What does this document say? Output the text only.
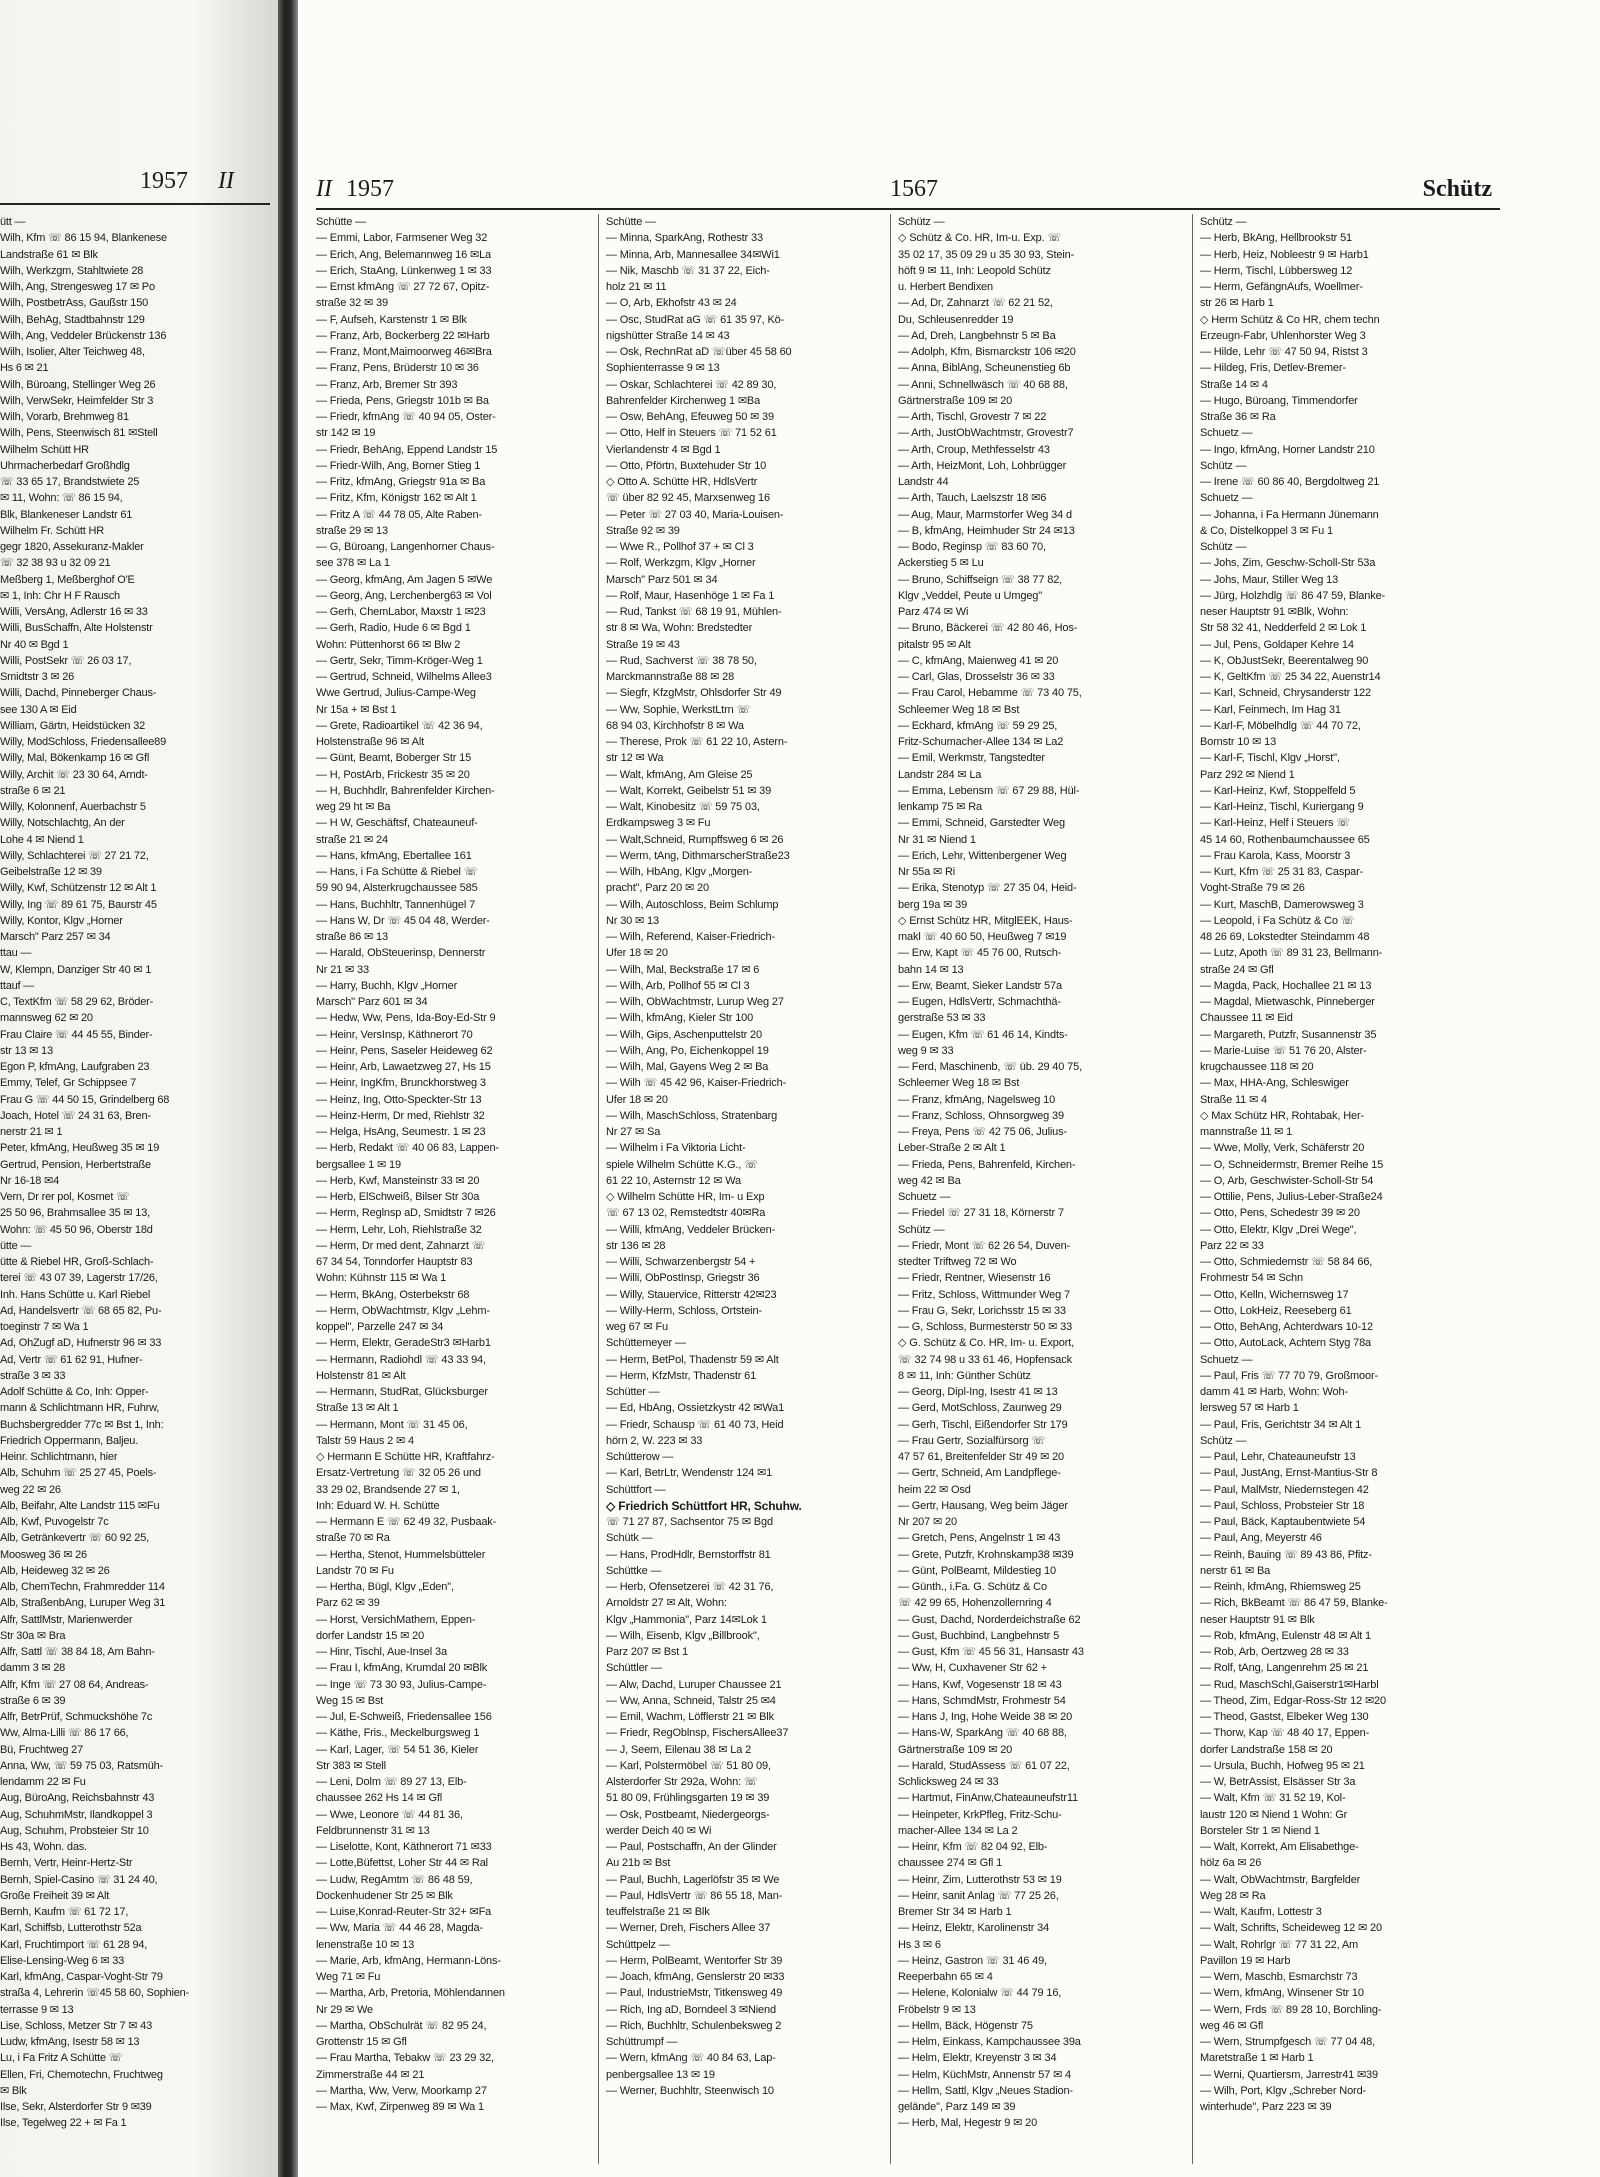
1957 II
ütt —
Wilh, Kfm ☏ 86 15 94, Blankenese
Landstraße 61 ✉ Blk
Wilh, Werkzgm, Stahltwiete 28
Wilh, Ang, Strengesweg 17 ✉ Po
Wilh, PostbetrAss, Gaußstr 150
Wilh, BehAg, Stadtbahnstr 129
Wilh, Ang, Veddeler Brückenstr 136
Wilh, Isolier, Alter Teichweg 48,
Hs 6 ✉ 21
Wilh, Büroang, Stellinger Weg 26
Wilh, VerwSekr, Heimfelder Str 3
Wilh, Vorarb, Brehmweg 81
Wilh, Pens, Steenwisch 81 ✉Stell
Wilhelm Schütt HR
Uhrmacherbedarf Großhdlg
☏ 33 65 17, Brandstwiete 25
✉ 11, Wohn: ☏ 86 15 94,
Blk, Blankeneser Landstr 61
Wilhelm Fr. Schütt HR
gegr 1820, Assekuranz-Makler
☏ 32 38 93 u 32 09 21
Meßberg 1, Meßberghof O'E
✉ 1, Inh: Chr H F Rausch
Willi, VersAng, Adlerstr 16 ✉ 33
Willi, BusSchaffn, Alte Holstenstr
Nr 40 ✉ Bgd 1
Willi, PostSekr ☏ 26 03 17,
Smidtstr 3 ✉ 26
Willi, Dachd, Pinneberger Chaus-
see 130 A ✉ Eid
William, Gärtn, Heidstücken 32
Willy, ModSchloss, Friedensallee89
Willy, Mal, Bökenkamp 16 ✉ Gfl
Willy, Archit ☏ 23 30 64, Arndt-
straße 6 ✉ 21
Willy, Kolonnenf, Auerbachstr 5
Willy, Notschlachtg, An der
Lohe 4 ✉ Niend 1
Willy, Schlachterei ☏ 27 21 72,
Geibelstraße 12 ✉ 39
Willy, Kwf, Schützenstr 12 ✉ Alt 1
Willy, Ing ☏ 89 61 75, Baurstr 45
Willy, Kontor, Klgv „Horner
Marsch" Parz 257 ✉ 34
ttau —
W, Klempn, Danziger Str 40 ✉ 1
ttauf —
C, TextKfm ☏ 58 29 62, Bröder-
mannsweg 62 ✉ 20
Frau Claire ☏ 44 45 55, Binder-
str 13 ✉ 13
Egon P, kfmAng, Laufgraben 23
Emmy, Telef, Gr Schippsee 7
Frau G ☏ 44 50 15, Grindelberg 68
Joach, Hotel ☏ 24 31 63, Bren-
nerstr 21 ✉ 1
Peter, kfmAng, Heußweg 35 ✉ 19
Gertrud, Pension, Herbertstraße
Nr 16-18 ✉4
Vern, Dr rer pol, Kosmet ☏
25 50 96, Brahmsallee 35 ✉ 13,
Wohn: ☏ 45 50 96, Oberstr 18d
ütte —
ütte & Riebel HR, Groß-Schlach-
terei ☏ 43 07 39, Lagerstr 17/26,
Inh. Hans Schütte u. Karl Riebel
Ad, Handelsvertr ☏ 68 65 82, Pu-
toeginstr 7 ✉ Wa 1
Ad, OhZugf aD, Hufnerstr 96 ✉ 33
Ad, Vertr ☏ 61 62 91, Hufner-
straße 3 ✉ 33
Adolf Schütte & Co, Inh: Opper-
mann & Schlichtmann HR, Fuhrw,
Buchsbergredder 77c ✉ Bst 1, Inh:
Friedrich Oppermann, Baljeu.
Heinr. Schlichtmann, hier
Alb, Schuhm ☏ 25 27 45, Poels-
weg 22 ✉ 26
Alb, Beifahr, Alte Landstr 115 ✉Fu
Alb, Kwf, Puvogelstr 7c
Alb, Getränkevertr ☏ 60 92 25,
Moosweg 36 ✉ 26
Alb, Heideweg 32 ✉ 26
Alb, ChemTechn, Frahmredder 114
Alb, StraßenbAng, Luruper Weg 31
Alfr, SattlMstr, Marienwerder
Str 30a ✉ Bra
Alfr, Sattl ☏ 38 84 18, Am Bahn-
damm 3 ✉ 28
Alfr, Kfm ☏ 27 08 64, Andreas-
straße 6 ✉ 39
Alfr, BetrPrüf, Schmuckshöhe 7c
Ww, Alma-Lilli ☏ 86 17 66,
Bü, Fruchtweg 27
Anna, Ww, ☏ 59 75 03, Ratsmüh-
lendamm 22 ✉ Fu
Aug, BüroAng, Reichsbahnstr 43
Aug, SchuhmMstr, Ilandkoppel 3
Aug, Schuhm, Probsteier Str 10
Hs 43, Wohn. das.
Bernh, Vertr, Heinr-Hertz-Str
Bernh, Spiel-Casino ☏ 31 24 40,
Große Freiheit 39 ✉ Alt
Bernh, Kaufm ☏ 61 72 17,
Karl, Schiffsb, Lutterothstr 52a
Karl, Fruchtimport ☏ 61 28 94,
Elise-Lensing-Weg 6 ✉ 33
Karl, kfmAng, Caspar-Voght-Str 79
straßa 4, Lehrerin ☏45 58 60, Sophien-
terrasse 9 ✉ 13
Lise, Schloss, Metzer Str 7 ✉ 43
Ludw, kfmAng, Isestr 58 ✉ 13
Lu, i Fa Fritz A Schütte ☏
Ellen, Fri, Chemotechn, Fruchtweg
✉ Blk
Ilse, Sekr, Alsterdorfer Str 9 ✉39
Ilse, Tegelweg 22 + ✉ Fa 1
II 1957	1567	Schütz
Schütte —
— Emmi, Labor, Farmsener Weg 32
— Erich, Ang, Belemannweg 16 ✉La
— Erich, StaAng, Lünkenweg 1 ✉ 33
— Ernst kfmAng ☏ 27 72 67, Opitz-
straße 32 ✉ 39
— F, Aufseh, Karstenstr 1 ✉ Blk
— Franz, Arb, Bockerberg 22 ✉Harb
— Franz, Mont,Maimoorweg 46✉Bra
— Franz, Pens, Brüderstr 10 ✉ 36
— Franz, Arb, Bremer Str 393
— Frieda, Pens, Griegstr 101b ✉ Ba
— Friedr, kfmAng ☏ 40 94 05, Oster-
str 142 ✉ 19
— Friedr, BehAng, Eppend Landstr 15
— Friedr-Wilh, Ang, Borner Stieg 1
— Fritz, kfmAng, Griegstr 91a ✉ Ba
— Fritz, Kfm, Königstr 162 ✉ Alt 1
— Fritz A ☏ 44 78 05, Alte Raben-
straße 29 ✉ 13
— G, Büroang, Langenhorner Chaus-
see 378 ✉ La 1
— Georg, kfmAng, Am Jagen 5 ✉We
— Georg, Ang, Lerchenberg63 ✉ Vol
— Gerh, ChemLabor, Maxstr 1 ✉23
— Gerh, Radio, Hude 6 ✉ Bgd 1
Wohn: Püttenhorst 66 ✉ Blw 2
— Gertr, Sekr, Timm-Kröger-Weg 1
— Gertrud, Schneid, Wilhelms Allee3
Wwe Gertrud, Julius-Campe-Weg
Nr 15a + ✉ Bst 1
— Grete, Radioartikel ☏ 42 36 94,
Holstenstraße 96 ✉ Alt
— Günt, Beamt, Boberger Str 15
— H, PostArb, Frickestr 35 ✉ 20
— H, Buchhdlr, Bahrenfelder Kirchen-
weg 29 ht ✉ Ba
— H W, Geschäftsf, Chateauneuf-
straße 21 ✉ 24
— Hans, kfmAng, Ebertallee 161
— Hans, i Fa Schütte & Riebel ☏
59 90 94, Alsterkrugchaussee 585
— Hans, Buchhltr, Tannenhügel 7
— Hans W, Dr ☏ 45 04 48, Werder-
straße 86 ✉ 13
— Harald, ObSteuerinsp, Dennerstr
Nr 21 ✉ 33
— Harry, Buchh, Klgv „Horner
Marsch" Parz 601 ✉ 34
— Hedw, Ww, Pens, Ida-Boy-Ed-Str 9
— Heinr, VersInsp, Käthnerort 70
— Heinr, Pens, Saseler Heideweg 62
— Heinr, Arb, Lawaetzweg 27, Hs 15
— Heinr, IngKfm, Brunckhorstweg 3
— Heinz, Ing, Otto-Speckter-Str 13
— Heinz-Herm, Dr med, Riehlstr 32
— Helga, HsAng, Seumestr. 1 ✉ 23
— Herb, Redakt ☏ 40 06 83, Lappen-
bergsallee 1 ✉ 19
— Herb, Kwf, Mansteinstr 33 ✉ 20
— Herb, ElSchweiß, Bilser Str 30a
— Herm, Reglnsp aD, Smidtstr 7 ✉26
— Herm, Lehr, Loh, Riehlstraße 32
— Herm, Dr med dent, Zahnarzt ☏
67 34 54, Tonndorfer Hauptstr 83
Wohn: Kühnstr 115 ✉ Wa 1
— Herm, BkAng, Osterbekstr 68
— Herm, ObWachtmstr, Klgv „Lehm-
koppel", Parzelle 247 ✉ 34
— Herm, Elektr, GeradeStr3 ✉Harb1
— Hermann, Radiohdl ☏ 43 33 94,
Holstenstr 81 ✉ Alt
— Hermann, StudRat, Glücksburger
Straße 13 ✉ Alt 1
— Hermann, Mont ☏ 31 45 06,
Talstr 59 Haus 2 ✉ 4
◇ Hermann E Schütte HR, Kraftfahrz-
Ersatz-Vertretung ☏ 32 05 26 und
33 29 02, Brandsende 27 ✉ 1,
Inh: Eduard W. H. Schütte
— Hermann E ☏ 62 49 32, Pusbaak-
straße 70 ✉ Ra
— Hertha, Stenot, Hummelsbütteler
Landstr 70 ✉ Fu
— Hertha, Bügl, Klgv „Eden",
Parz 62 ✉ 39
— Horst, VersichMathem, Eppen-
dorfer Landstr 15 ✉ 20
— Hinr, Tischl, Aue-Insel 3a
— Frau I, kfmAng, Krumdal 20 ✉Blk
— Inge ☏ 73 30 93, Julius-Campe-
Weg 15 ✉ Bst
— Jul, E-Schweiß, Friedensallee 156
— Käthe, Fris., Meckelburgsweg 1
— Karl, Lager, ☏ 54 51 36, Kieler
Str 383 ✉ Stell
— Leni, Dolm ☏ 89 27 13, Elb-
chaussee 262 Hs 14 ✉ Gfl
— Wwe, Leonore ☏ 44 81 36,
Feldbrunnenstr 31 ✉ 13
— Liselotte, Kont, Käthnerort 71 ✉33
— Lotte,Büfettst, Loher Str 44 ✉ Ral
— Ludw, RegAmtm ☏ 86 48 59,
Dockenhudener Str 25 ✉ Blk
— Luise,Konrad-Reuter-Str 32+ ✉Fa
— Ww, Maria ☏ 44 46 28, Magda-
lenenstraße 10 ✉ 13
— Marie, Arb, kfmAng, Hermann-Löns-
Weg 71 ✉ Fu
— Martha, Arb, Pretoria, Möhlendannen
Nr 29 ✉ We
— Martha, ObSchulrät ☏ 82 95 24,
Grottenstr 15 ✉ Gfl
— Frau Martha, Tebakw ☏ 23 29 32,
Zimmerstraße 44 ✉ 21
— Martha, Ww, Verw, Moorkamp 27
— Max, Kwf, Zirpenweg 89 ✉ Wa 1
Schütte —
— Minna, SparkAng, Rothestr 33
— Minna, Arb, Mannesallee 34✉Wi1
— Nik, Maschb ☏ 31 37 22, Eich-
holz 21 ✉ 11
— O, Arb, Ekhofstr 43 ✉ 24
— Osc, StudRat aG ☏ 61 35 97, Kö-
nigshütter Straße 14 ✉ 43
— Osk, RechnRat aD ☏über 45 58 60
Sophienterrasse 9 ✉ 13
— Oskar, Schlachterei ☏ 42 89 30,
Bahrenfelder Kirchenweg 1 ✉Ba
— Osw, BehAng, Efeuweg 50 ✉ 39
— Otto, Helf in Steuers ☏ 71 52 61
Vierlandenstr 4 ✉ Bgd 1
— Otto, Pförtn, Buxtehuder Str 10
◇ Otto A. Schütte HR, HdlsVertr
☏ über 82 92 45, Marxsenweg 16
— Peter ☏ 27 03 40, Maria-Louisen-
Straße 92 ✉ 39
— Wwe R., Pollhof 37 + ✉ Cl 3
— Rolf, Werkzgm, Klgv „Horner
Marsch" Parz 501 ✉ 34
— Rolf, Maur, Hasenhöge 1 ✉ Fa 1
— Rud, Tankst ☏ 68 19 91, Mühlen-
str 8 ✉ Wa, Wohn: Bredstedter
Straße 19 ✉ 43
— Rud, Sachverst ☏ 38 78 50,
Marckmannstraße 88 ✉ 28
— Siegfr, KfzgMstr, Ohlsdorfer Str 49
— Ww, Sophie, WerkstLtrn ☏
68 94 03, Kirchhofstr 8 ✉ Wa
— Therese, Prok ☏ 61 22 10, Astern-
str 12 ✉ Wa
— Walt, kfmAng, Am Gleise 25
— Walt, Korrekt, Geibelstr 51 ✉ 39
— Walt, Kinobesitz ☏ 59 75 03,
Erdkampsweg 3 ✉ Fu
— Walt,Schneid, Rumpffsweg 6 ✉ 26
— Werm, tAng, DithmarscherStraße23
— Wilh, HbAng, Klgv „Morgen-
pracht", Parz 20 ✉ 20
— Wilh, Autoschloss, Beim Schlump
Nr 30 ✉ 13
— Wilh, Referend, Kaiser-Friedrich-
Ufer 18 ✉ 20
— Wilh, Mal, Beckstraße 17 ✉ 6
— Wilh, Arb, Pollhof 55 ✉ Cl 3
— Wilh, ObWachtmstr, Lurup Weg 27
— Wilh, kfmAng, Kieler Str 100
— Wilh, Gips, Aschenputtelstr 20
— Wilh, Ang, Po, Eichenkoppel 19
— Wilh, Mal, Gayens Weg 2 ✉ Ba
— Wilh ☏ 45 42 96, Kaiser-Friedrich-
Ufer 18 ✉ 20
— Wilh, MaschSchloss, Stratenbarg
Nr 27 ✉ Sa
— Wilhelm i Fa Viktoria Licht-
spiele Wilhelm Schütte K.G., ☏
61 22 10, Asternstr 12 ✉ Wa
◇ Wilhelm Schütte HR, Im- u Exp
☏ 67 13 02, Remstedtstr 40✉Ra
— Willi, kfmAng, Veddeler Brücken-
str 136 ✉ 28
— Willi, Schwarzenbergstr 54 +
— Willi, ObPostInsp, Griegstr 36
— Willy, Stauervice, Ritterstr 42✉23
— Willy-Herm, Schloss, Ortstein-
weg 67 ✉ Fu
Schüttemeyer —
— Herm, BetPol, Thadenstr 59 ✉ Alt
— Herm, KfzMstr, Thadenstr 61
Schütter —
— Ed, HbAng, Ossietzkystr 42 ✉Wa1
— Friedr, Schausp ☏ 61 40 73, Heid
hörn 2, W. 223 ✉ 33
Schütterow —
— Karl, BetrLtr, Wendenstr 124 ✉1
Schüttfort —
◇ Friedrich Schüttfort HR, Schuhw.
☏ 71 27 87, Sachsentor 75 ✉ Bgd
Schütk —
— Hans, ProdHdlr, Bernstorffstr 81
Schüttke —
— Herb, Ofensetzerei ☏ 42 31 76,
Arnoldstr 27 ✉ Alt, Wohn:
Klgv „Hammonia", Parz 14✉Lok 1
— Wilh, Eisenb, Klgv „Billbrook",
Parz 207 ✉ Bst 1
Schüttler —
— Alw, Dachd, Luruper Chaussee 21
— Ww, Anna, Schneid, Talstr 25 ✉4
— Emil, Wachm, Löfflerstr 21 ✉ Blk
— Friedr, RegOblnsp, FischersAllee37
— J, Seem, Eilenau 38 ✉ La 2
— Karl, Polstermöbel ☏ 51 80 09,
Alsterdorfer Str 292a, Wohn: ☏
51 80 09, Frühlingsgarten 19 ✉ 39
— Osk, Postbeamt, Niedergeorgs-
werder Deich 40 ✉ Wi
— Paul, Postschaffn, An der Glinder
Au 21b ✉ Bst
— Paul, Buchh, Lagerlöfstr 35 ✉ We
— Paul, HdlsVertr ☏ 86 55 18, Man-
teuffelstraße 21 ✉ Blk
— Werner, Dreh, Fischers Allee 37
Schüttpelz —
— Herm, PolBeamt, Wentorfer Str 39
— Joach, kfmAng, Genslerstr 20 ✉33
— Paul, IndustrieMstr, Titkensweg 49
— Rich, Ing aD, Borndeel 3 ✉Niend
— Rich, Buchhltr, Schulenbeksweg 2
Schüttrumpf —
— Wern, kfmAng ☏ 40 84 63, Lap-
penbergsallee 13 ✉ 19
— Werner, Buchhltr, Steenwisch 10
Schütz —
◇ Schütz & Co. HR, Im-u. Exp. ☏
35 02 17, 35 09 29 u 35 30 93, Stein-
höft 9 ✉ 11, Inh: Leopold Schütz
u. Herbert Bendixen
— Ad, Dr, Zahnarzt ☏ 62 21 52,
Du, Schleusenredder 19
— Ad, Dreh, Langbehnstr 5 ✉ Ba
— Adolph, Kfm, Bismarckstr 106 ✉20
— Anna, BiblAng, Scheunenstieg 6b
— Anni, Schnellwäsch ☏ 40 68 88,
Gärtnerstraße 109 ✉ 20
— Arth, Tischl, Grovestr 7 ✉ 22
— Arth, JustObWachtmstr, Grovestr7
— Arth, Croup, Methfesselstr 43
— Arth, HeizMont, Loh, Lohbrügger
Landstr 44
— Arth, Tauch, Laelszstr 18 ✉6
— Aug, Maur, Marmstorfer Weg 34 d
— B, kfmAng, Heimhuder Str 24 ✉13
— Bodo, Reginsp ☏ 83 60 70,
Ackerstieg 5 ✉ Lu
— Bruno, Schiffseign ☏ 38 77 82,
Klgv „Veddel, Peute u Umgeg"
Parz 474 ✉ Wi
— Bruno, Bäckerei ☏ 42 80 46, Hos-
pitalstr 95 ✉ Alt
— C, kfmAng, Maienweg 41 ✉ 20
— Carl, Glas, Drosselstr 36 ✉ 33
— Frau Carol, Hebamme ☏ 73 40 75,
Schleemer Weg 18 ✉ Bst
— Eckhard, kfmAng ☏ 59 29 25,
Fritz-Schumacher-Allee 134 ✉ La2
— Emil, Werkmstr, Tangstedter
Landstr 284 ✉ La
— Emma, Lebensm ☏ 67 29 88, Hül-
lenkamp 75 ✉ Ra
— Emmi, Schneid, Garstedter Weg
Nr 31 ✉ Niend 1
— Erich, Lehr, Wittenbergener Weg
Nr 55a ✉ Ri
— Erika, Stenotyp ☏ 27 35 04, Heid-
berg 19a ✉ 39
◇ Ernst Schütz HR, MitglEEK, Haus-
makl ☏ 40 60 50, Heußweg 7 ✉19
— Erw, Kapt ☏ 45 76 00, Rutsch-
bahn 14 ✉ 13
— Erw, Beamt, Sieker Landstr 57a
— Eugen, HdlsVertr, Schmachthä-
gerstraße 53 ✉ 33
— Eugen, Kfm ☏ 61 46 14, Kindts-
weg 9 ✉ 33
— Ferd, Maschinenb, ☏ üb. 29 40 75,
Schleemer Weg 18 ✉ Bst
— Franz, kfmAng, Nagelsweg 10
— Franz, Schloss, Ohnsorgweg 39
— Freya, Pens ☏ 42 75 06, Julius-
Leber-Straße 2 ✉ Alt 1
— Frieda, Pens, Bahrenfeld, Kirchen-
weg 42 ✉ Ba
Schuetz —
— Friedel ☏ 27 31 18, Körnerstr 7
Schütz —
— Friedr, Mont ☏ 62 26 54, Duven-
stedter Triftweg 72 ✉ Wo
— Friedr, Rentner, Wiesenstr 16
— Fritz, Schloss, Wittmunder Weg 7
— Frau G, Sekr, Lorichsstr 15 ✉ 33
— G, Schloss, Burmesterstr 50 ✉ 33
◇ G. Schütz & Co. HR, Im- u. Export,
☏ 32 74 98 u 33 61 46, Hopfensack
8 ✉ 11, Inh: Günther Schütz
— Georg, Dipl-Ing, Isestr 41 ✉ 13
— Gerd, MotSchloss, Zaunweg 29
— Gerh, Tischl, Eißendorfer Str 179
— Frau Gertr, Sozialfürsorg ☏
47 57 61, Breitenfelder Str 49 ✉ 20
— Gertr, Schneid, Am Landpflege-
heim 22 ✉ Osd
— Gertr, Hausang, Weg beim Jäger
Nr 207 ✉ 20
— Gretch, Pens, Angelnstr 1 ✉ 43
— Grete, Putzfr, Krohnskamp38 ✉39
— Günt, PolBeamt, Mildestieg 10
— Günth., i.Fa. G. Schütz & Co
☏ 42 99 65, Hohenzollernring 4
— Gust, Dachd, Norderdeichstraße 62
— Gust, Buchbind, Langbehnstr 5
— Gust, Kfm ☏ 45 56 31, Hansastr 43
— Ww, H, Cuxhavener Str 62 +
— Hans, Kwf, Vogesenstr 18 ✉ 43
— Hans, SchmdMstr, Frohmestr 54
— Hans J, Ing, Hohe Weide 38 ✉ 20
— Hans-W, SparkAng ☏ 40 68 88,
Gärtnerstraße 109 ✉ 20
— Harald, StudAssess ☏ 61 07 22,
Schlicksweg 24 ✉ 33
— Hartmut, FinAnw,Chateauneufstr11
— Heinpeter, KrkPfleg, Fritz-Schu-
macher-Allee 134 ✉ La 2
— Heinr, Kfm ☏ 82 04 92, Elb-
chaussee 274 ✉ Gfl 1
— Heinr, Zim, Lutterothstr 53 ✉ 19
— Heinr, sanit Anlag ☏ 77 25 26,
Bremer Str 34 ✉ Harb 1
— Heinz, Elektr, Karolinenstr 34
Hs 3 ✉ 6
— Heinz, Gastron ☏ 31 46 49,
Reeperbahn 65 ✉ 4
— Helene, Kolonialw ☏ 44 79 16,
Fröbelstr 9 ✉ 13
— Hellm, Bäck, Högenstr 75
— Helm, Einkass, Kampchaussee 39a
— Helm, Elektr, Kreyenstr 3 ✉ 34
— Helm, KüchMstr, Annenstr 57 ✉ 4
— Hellm, Sattl, Klgv „Neues Stadion-
gelände", Parz 149 ✉ 39
— Herb, Mal, Hegestr 9 ✉ 20
Schütz —
— Herb, BkAng, Hellbrookstr 51
— Herb, Heiz, Nobleestr 9 ✉ Harb1
— Herm, Tischl, Lübbersweg 12
— Herm, GefängnAufs, Woellmer-
str 26 ✉ Harb 1
◇ Herm Schütz & Co HR, chem techn
Erzeugn-Fabr, Uhlenhorster Weg 3
— Hilde, Lehr ☏ 47 50 94, Ristst 3
— Hildeg, Fris, Detlev-Bremer-
Straße 14 ✉ 4
— Hugo, Büroang, Timmendorfer
Straße 36 ✉ Ra
Schuetz —
— Ingo, kfmAng, Horner Landstr 210
Schütz —
— Irene ☏ 60 86 40, Bergdoltweg 21
Schuetz —
— Johanna, i Fa Hermann Jünemann
& Co, Distelkoppel 3 ✉ Fu 1
Schütz —
— Johs, Zim, Geschw-Scholl-Str 53a
— Johs, Maur, Stiller Weg 13
— Jürg, Holzhdlg ☏ 86 47 59, Blanke-
neser Hauptstr 91 ✉Blk, Wohn:
Str 58 32 41, Nedderfeld 2 ✉ Lok 1
— Jul, Pens, Goldaper Kehre 14
— K, ObJustSekr, Beerentalweg 90
— K, GeltKfm ☏ 25 34 22, Auenstr14
— Karl, Schneid, Chrysanderstr 122
— Karl, Feinmech, Im Hag 31
— Karl-F, Möbelhdlg ☏ 44 70 72,
Bornstr 10 ✉ 13
— Karl-F, Tischl, Klgv „Horst",
Parz 292 ✉ Niend 1
— Karl-Heinz, Kwf, Stoppelfeld 5
— Karl-Heinz, Tischl, Kuriergang 9
— Karl-Heinz, Helf i Steuers ☏
45 14 60, Rothenbaumchaussee 65
— Frau Karola, Kass, Moorstr 3
— Kurt, Kfm ☏ 25 31 83, Caspar-
Voght-Straße 79 ✉ 26
— Kurt, MaschB, Damerowsweg 3
— Leopold, i Fa Schütz & Co ☏
48 26 69, Lokstedter Steindamm 48
— Lutz, Apoth ☏ 89 31 23, Bellmann-
straße 24 ✉ Gfl
— Magda, Pack, Hochallee 21 ✉ 13
— Magdal, Mietwaschk, Pinneberger
Chaussee 11 ✉ Eid
— Margareth, Putzfr, Susannenstr 35
— Marie-Luise ☏ 51 76 20, Alster-
krugchaussee 118 ✉ 20
— Max, HHA-Ang, Schleswiger
Straße 11 ✉ 4
◇ Max Schütz HR, Rohtabak, Her-
mannstraße 11 ✉ 1
— Wwe, Molly, Verk, Schäferstr 20
— O, Schneidermstr, Bremer Reihe 15
— O, Arb, Geschwister-Scholl-Str 54
— Ottilie, Pens, Julius-Leber-Straße24
— Otto, Pens, Schedestr 39 ✉ 20
— Otto, Elektr, Klgv „Drei Wege",
Parz 22 ✉ 33
— Otto, Schmiedemstr ☏ 58 84 66,
Frohmestr 54 ✉ Schn
— Otto, Kelln, Wichernsweg 17
— Otto, LokHeiz, Reeseberg 61
— Otto, BehAng, Achterdwars 10-12
— Otto, AutoLack, Achtern Styg 78a
Schuetz —
— Paul, Fris ☏ 77 70 79, Großmoor-
damm 41 ✉ Harb, Wohn: Woh-
lersweg 57 ✉ Harb 1
— Paul, Fris, Gerichtstr 34 ✉ Alt 1
Schütz —
— Paul, Lehr, Chateauneufstr 13
— Paul, JustAng, Ernst-Mantius-Str 8
— Paul, MalMstr, Niedernstegen 42
— Paul, Schloss, Probsteier Str 18
— Paul, Bäck, Kaptaubentwiete 54
— Paul, Ang, Meyerstr 46
— Reinh, Bauing ☏ 89 43 86, Pfitz-
nerstr 61 ✉ Ba
— Reinh, kfmAng, Rhiemsweg 25
— Rich, BkBeamt ☏ 86 47 59, Blanke-
neser Hauptstr 91 ✉ Blk
— Rob, kfmAng, Eulenstr 48 ✉ Alt 1
— Rob, Arb, Oertzweg 28 ✉ 33
— Rolf, tAng, Langenrehm 25 ✉ 21
— Rud, MaschSchl,Gaiserstr1✉Harbl
— Theod, Zim, Edgar-Ross-Str 12 ✉20
— Theod, Gastst, Elbeker Weg 130
— Thorw, Kap ☏ 48 40 17, Eppen-
dorfer Landstraße 158 ✉ 20
— Ursula, Buchh, Hofweg 95 ✉ 21
— W, BetrAssist, Elsässer Str 3a
— Walt, Kfm ☏ 31 52 19, Kol-
laustr 120 ✉ Niend 1 Wohn: Gr
Borsteler Str 1 ✉ Niend 1
— Walt, Korrekt, Am Elisabethge-
hölz 6a ✉ 26
— Walt, ObWachtmstr, Bargfelder
Weg 28 ✉ Ra
— Walt, Kaufm, Lottestr 3
— Walt, Schrifts, Scheideweg 12 ✉ 20
— Walt, Rohrlgr ☏ 77 31 22, Am
Pavillon 19 ✉ Harb
— Wern, Maschb, Esmarchstr 73
— Wern, kfmAng, Winsener Str 10
— Wern, Frds ☏ 89 28 10, Borchling-
weg 46 ✉ Gfl
— Wern, Strumpfgesch ☏ 77 04 48,
Maretstraße 1 ✉ Harb 1
— Werni, Quartiersm, Jarrestr41 ✉39
— Wilh, Port, Klgv „Schreber Nord-
winterhude", Parz 223 ✉ 39
